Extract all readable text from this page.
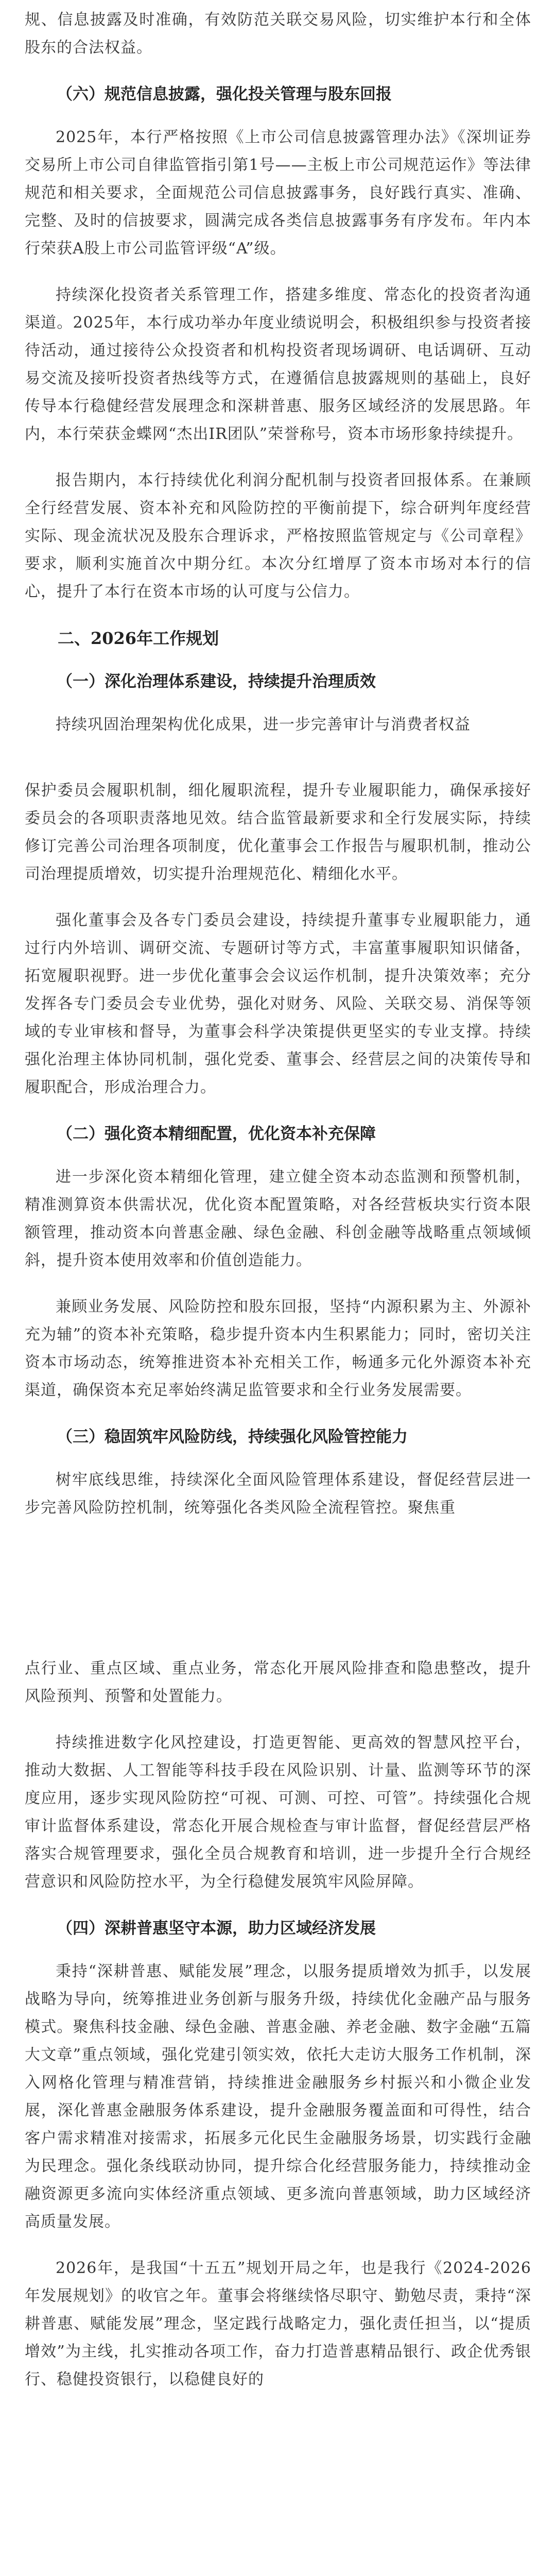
规、信息披露及时准确，有效防范关联交易风险，切实维护本行和全体股东的合法权益。

（六）规范信息披露，强化投关管理与股东回报

2025年，本行严格按照《上市公司信息披露管理办法》《深圳证券交易所上市公司自律监管指引第1号——主板上市公司规范运作》等法律规范和相关要求，全面规范公司信息披露事务，良好践行真实、准确、完整、及时的信披要求，圆满完成各类信息披露事务有序发布。年内本行荣获A股上市公司监管评级“A”级。

持续深化投资者关系管理工作，搭建多维度、常态化的投资者沟通渠道。2025年，本行成功举办年度业绩说明会，积极组织参与投资者接待活动，通过接待公众投资者和机构投资者现场调研、电话调研、互动易交流及接听投资者热线等方式，在遵循信息披露规则的基础上，良好传导本行稳健经营发展理念和深耕普惠、服务区域经济的发展思路。年内，本行荣获金蝶网“杰出IR团队”荣誉称号，资本市场形象持续提升。

报告期内，本行持续优化利润分配机制与投资者回报体系。在兼顾全行经营发展、资本补充和风险防控的平衡前提下，综合研判年度经营实际、现金流状况及股东合理诉求，严格按照监管规定与《公司章程》要求，顺利实施首次中期分红。本次分红增厚了资本市场对本行的信心，提升了本行在资本市场的认可度与公信力。

二、2026年工作规划
（一）深化治理体系建设，持续提升治理质效

持续巩固治理架构优化成果，进一步完善审计与消费者权益

保护委员会履职机制，细化履职流程，提升专业履职能力，确保承接好委员会的各项职责落地见效。结合监管最新要求和全行发展实际，持续修订完善公司治理各项制度，优化董事会工作报告与履职机制，推动公司治理提质增效，切实提升治理规范化、精细化水平。

强化董事会及各专门委员会建设，持续提升董事专业履职能力，通过行内外培训、调研交流、专题研讨等方式，丰富董事履职知识储备，拓宽履职视野。进一步优化董事会会议运作机制，提升决策效率；充分发挥各专门委员会专业优势，强化对财务、风险、关联交易、消保等领域的专业审核和督导，为董事会科学决策提供更坚实的专业支撑。持续强化治理主体协同机制，强化党委、董事会、经营层之间的决策传导和履职配合，形成治理合力。

（二）强化资本精细配置，优化资本补充保障

进一步深化资本精细化管理，建立健全资本动态监测和预警机制，精准测算资本供需状况，优化资本配置策略，对各经营板块实行资本限额管理，推动资本向普惠金融、绿色金融、科创金融等战略重点领域倾斜，提升资本使用效率和价值创造能力。

兼顾业务发展、风险防控和股东回报，坚持“内源积累为主、外源补充为辅”的资本补充策略，稳步提升资本内生积累能力；同时，密切关注资本市场动态，统筹推进资本补充相关工作，畅通多元化外源资本补充渠道，确保资本充足率始终满足监管要求和全行业务发展需要。

（三）稳固筑牢风险防线，持续强化风险管控能力

树牢底线思维，持续深化全面风险管理体系建设，督促经营层进一步完善风险防控机制，统筹强化各类风险全流程管控。聚焦重

点行业、重点区域、重点业务，常态化开展风险排查和隐患整改，提升风险预判、预警和处置能力。

持续推进数字化风控建设，打造更智能、更高效的智慧风控平台，推动大数据、人工智能等科技手段在风险识别、计量、监测等环节的深度应用，逐步实现风险防控“可视、可测、可控、可管”。持续强化合规审计监督体系建设，常态化开展合规检查与审计监督，督促经营层严格落实合规管理要求，强化全员合规教育和培训，进一步提升全行合规经营意识和风险防控水平，为全行稳健发展筑牢风险屏障。

（四）深耕普惠坚守本源，助力区域经济发展

秉持“深耕普惠、赋能发展”理念，以服务提质增效为抓手，以发展战略为导向，统筹推进业务创新与服务升级，持续优化金融产品与服务模式。聚焦科技金融、绿色金融、普惠金融、养老金融、数字金融“五篇大文章”重点领域，强化党建引领实效，依托大走访大服务工作机制，深入网格化管理与精准营销，持续推进金融服务乡村振兴和小微企业发展，深化普惠金融服务体系建设，提升金融服务覆盖面和可得性，结合客户需求精准对接需求，拓展多元化民生金融服务场景，切实践行金融为民理念。强化条线联动协同，提升综合化经营服务能力，持续推动金融资源更多流向实体经济重点领域、更多流向普惠领域，助力区域经济高质量发展。

2026年，是我国“十五五”规划开局之年，也是我行《2024-2026年发展规划》的收官之年。董事会将继续恪尽职守、勤勉尽责，秉持“深耕普惠、赋能发展”理念，坚定践行战略定力，强化责任担当，以“提质增效”为主线，扎实推动各项工作，奋力打造普惠精品银行、政企优秀银行、稳健投资银行，以稳健良好的
